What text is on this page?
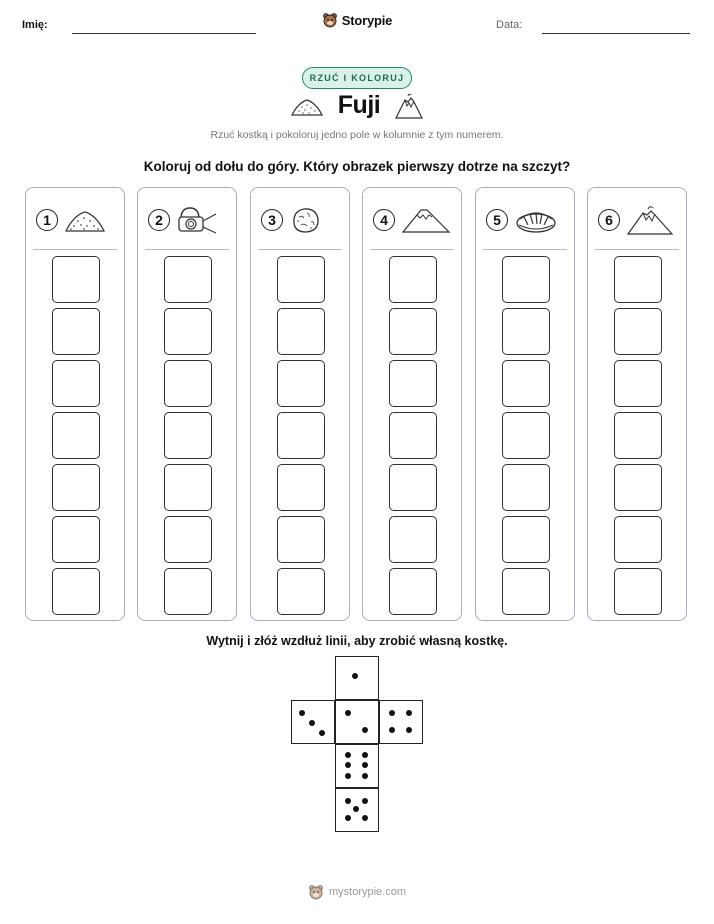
Imię:	Storypie	Data:
RZUĆ I KOLORUJ
Fuji
Rzuć kostką i pokoloruj jedno pole w kolumnie z tym numerem.
Koloruj od dołu do góry. Który obrazek pierwszy dotrze na szczyt?
1	2	3	4	5	6
Wytnij i złóż wzdłuż linii, aby zrobić własną kostkę.
mystorypie.com
